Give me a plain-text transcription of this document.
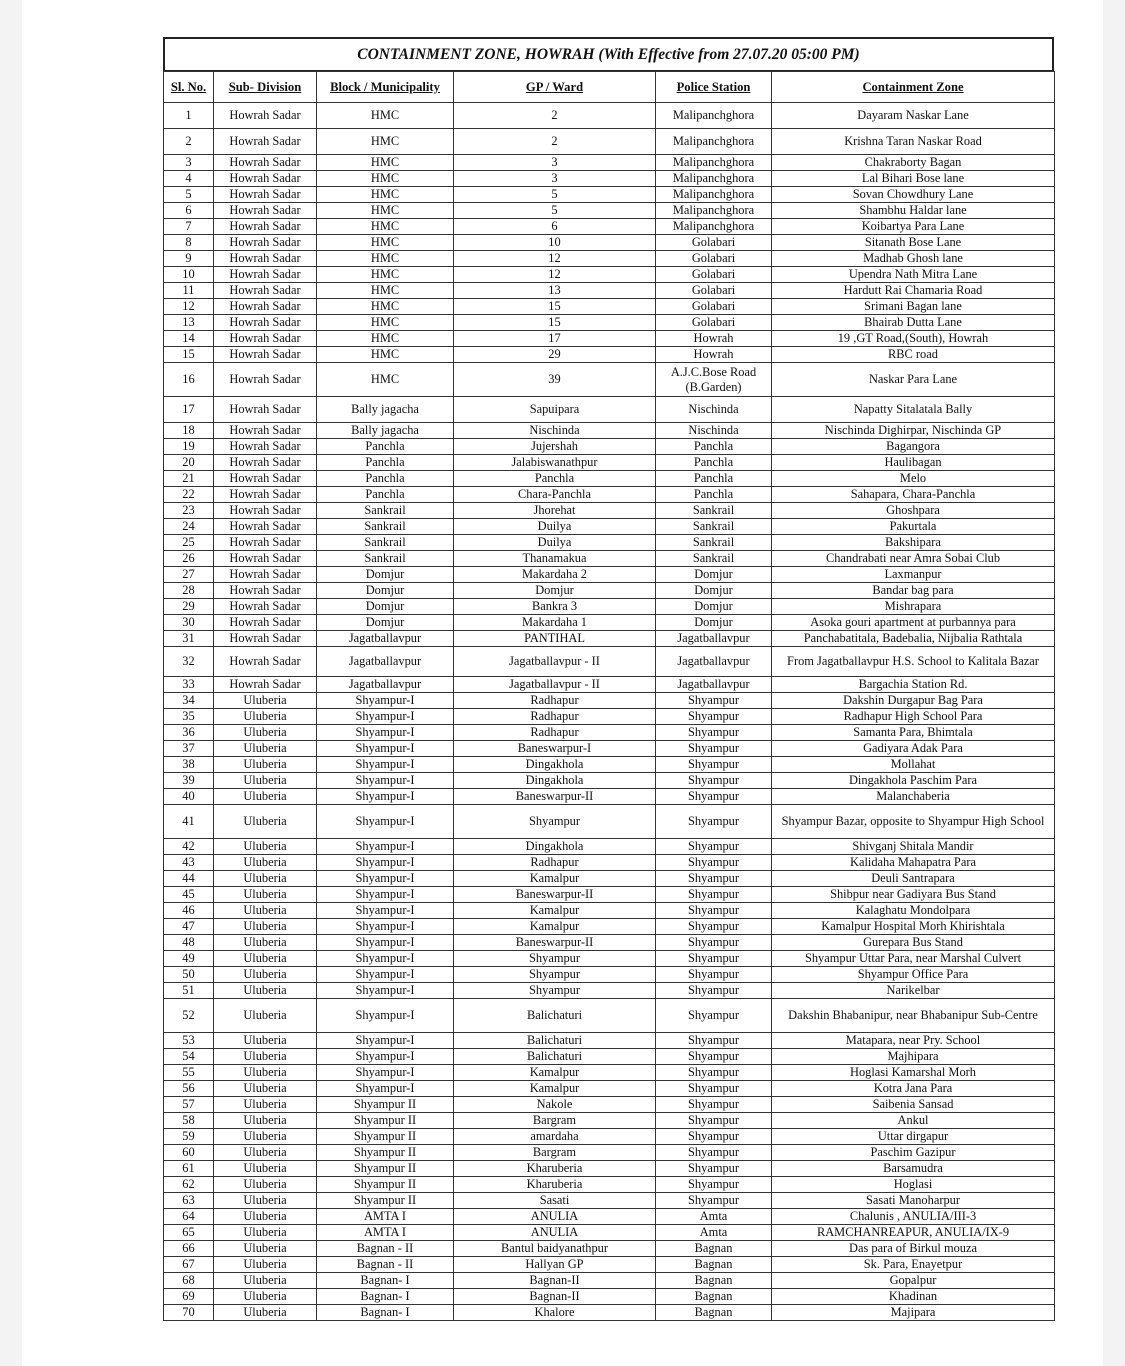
CONTAINMENT ZONE, HOWRAH (With Effective from 27.07.20 05:00 PM)
Sl. No.	Sub- Division	Block / Municipality	GP / Ward	Police Station	Containment Zone
1	Howrah Sadar	HMC	2	Malipanchghora	Dayaram Naskar Lane
2	Howrah Sadar	HMC	2	Malipanchghora	Krishna Taran Naskar Road
3	Howrah Sadar	HMC	3	Malipanchghora	Chakraborty Bagan
4	Howrah Sadar	HMC	3	Malipanchghora	Lal Bihari Bose lane
5	Howrah Sadar	HMC	5	Malipanchghora	Sovan Chowdhury Lane
6	Howrah Sadar	HMC	5	Malipanchghora	Shambhu Haldar lane
7	Howrah Sadar	HMC	6	Malipanchghora	Koibartya Para Lane
8	Howrah Sadar	HMC	10	Golabari	Sitanath Bose Lane
9	Howrah Sadar	HMC	12	Golabari	Madhab Ghosh lane
10	Howrah Sadar	HMC	12	Golabari	Upendra Nath Mitra Lane
11	Howrah Sadar	HMC	13	Golabari	Hardutt Rai Chamaria Road
12	Howrah Sadar	HMC	15	Golabari	Srimani Bagan lane
13	Howrah Sadar	HMC	15	Golabari	Bhairab Dutta Lane
14	Howrah Sadar	HMC	17	Howrah	19 ,GT Road,(South), Howrah
15	Howrah Sadar	HMC	29	Howrah	RBC road
16	Howrah Sadar	HMC	39	A.J.C.Bose Road (B.Garden)	Naskar Para Lane
17	Howrah Sadar	Bally jagacha	Sapuipara	Nischinda	Napatty Sitalatala Bally
18	Howrah Sadar	Bally jagacha	Nischinda	Nischinda	Nischinda Dighirpar, Nischinda GP
19	Howrah Sadar	Panchla	Jujershah	Panchla	Bagangora
20	Howrah Sadar	Panchla	Jalabiswanathpur	Panchla	Haulibagan
21	Howrah Sadar	Panchla	Panchla	Panchla	Melo
22	Howrah Sadar	Panchla	Chara-Panchla	Panchla	Sahapara, Chara-Panchla
23	Howrah Sadar	Sankrail	Jhorehat	Sankrail	Ghoshpara
24	Howrah Sadar	Sankrail	Duilya	Sankrail	Pakurtala
25	Howrah Sadar	Sankrail	Duilya	Sankrail	Bakshipara
26	Howrah Sadar	Sankrail	Thanamakua	Sankrail	Chandrabati near Amra Sobai Club
27	Howrah Sadar	Domjur	Makardaha 2	Domjur	Laxmanpur
28	Howrah Sadar	Domjur	Domjur	Domjur	Bandar bag para
29	Howrah Sadar	Domjur	Bankra 3	Domjur	Mishrapara
30	Howrah Sadar	Domjur	Makardaha 1	Domjur	Asoka gouri apartment at purbannya para
31	Howrah Sadar	Jagatballavpur	PANTIHAL	Jagatballavpur	Panchabatitala, Badebalia, Nijbalia Rathtala
32	Howrah Sadar	Jagatballavpur	Jagatballavpur - II	Jagatballavpur	From Jagatballavpur H.S. School to Kalitala Bazar
33	Howrah Sadar	Jagatballavpur	Jagatballavpur - II	Jagatballavpur	Bargachia Station Rd.
34	Uluberia	Shyampur-I	Radhapur	Shyampur	Dakshin Durgapur Bag Para
35	Uluberia	Shyampur-I	Radhapur	Shyampur	Radhapur High School Para
36	Uluberia	Shyampur-I	Radhapur	Shyampur	Samanta Para, Bhimtala
37	Uluberia	Shyampur-I	Baneswarpur-I	Shyampur	Gadiyara Adak Para
38	Uluberia	Shyampur-I	Dingakhola	Shyampur	Mollahat
39	Uluberia	Shyampur-I	Dingakhola	Shyampur	Dingakhola Paschim Para
40	Uluberia	Shyampur-I	Baneswarpur-II	Shyampur	Malanchaberia
41	Uluberia	Shyampur-I	Shyampur	Shyampur	Shyampur Bazar, opposite to Shyampur High School
42	Uluberia	Shyampur-I	Dingakhola	Shyampur	Shivganj Shitala Mandir
43	Uluberia	Shyampur-I	Radhapur	Shyampur	Kalidaha Mahapatra Para
44	Uluberia	Shyampur-I	Kamalpur	Shyampur	Deuli Santrapara
45	Uluberia	Shyampur-I	Baneswarpur-II	Shyampur	Shibpur near Gadiyara Bus Stand
46	Uluberia	Shyampur-I	Kamalpur	Shyampur	Kalaghatu Mondolpara
47	Uluberia	Shyampur-I	Kamalpur	Shyampur	Kamalpur Hospital Morh Khirishtala
48	Uluberia	Shyampur-I	Baneswarpur-II	Shyampur	Gurepara Bus Stand
49	Uluberia	Shyampur-I	Shyampur	Shyampur	Shyampur Uttar Para, near Marshal Culvert
50	Uluberia	Shyampur-I	Shyampur	Shyampur	Shyampur Office Para
51	Uluberia	Shyampur-I	Shyampur	Shyampur	Narikelbar
52	Uluberia	Shyampur-I	Balichaturi	Shyampur	Dakshin Bhabanipur, near Bhabanipur Sub-Centre
53	Uluberia	Shyampur-I	Balichaturi	Shyampur	Matapara, near Pry. School
54	Uluberia	Shyampur-I	Balichaturi	Shyampur	Majhipara
55	Uluberia	Shyampur-I	Kamalpur	Shyampur	Hoglasi Kamarshal Morh
56	Uluberia	Shyampur-I	Kamalpur	Shyampur	Kotra Jana Para
57	Uluberia	Shyampur II	Nakole	Shyampur	Saibenia Sansad
58	Uluberia	Shyampur II	Bargram	Shyampur	Ankul
59	Uluberia	Shyampur II	amardaha	Shyampur	Uttar dirgapur
60	Uluberia	Shyampur II	Bargram	Shyampur	Paschim Gazipur
61	Uluberia	Shyampur II	Kharuberia	Shyampur	Barsamudra
62	Uluberia	Shyampur II	Kharuberia	Shyampur	Hoglasi
63	Uluberia	Shyampur II	Sasati	Shyampur	Sasati Manoharpur
64	Uluberia	AMTA I	ANULIA	Amta	Chalunis , ANULIA/III-3
65	Uluberia	AMTA I	ANULIA	Amta	RAMCHANREAPUR, ANULIA/IX-9
66	Uluberia	Bagnan - II	Bantul baidyanathpur	Bagnan	Das para of Birkul mouza
67	Uluberia	Bagnan - II	Hallyan GP	Bagnan	Sk. Para, Enayetpur
68	Uluberia	Bagnan- I	Bagnan-II	Bagnan	Gopalpur
69	Uluberia	Bagnan- I	Bagnan-II	Bagnan	Khadinan
70	Uluberia	Bagnan- I	Khalore	Bagnan	Majipara
